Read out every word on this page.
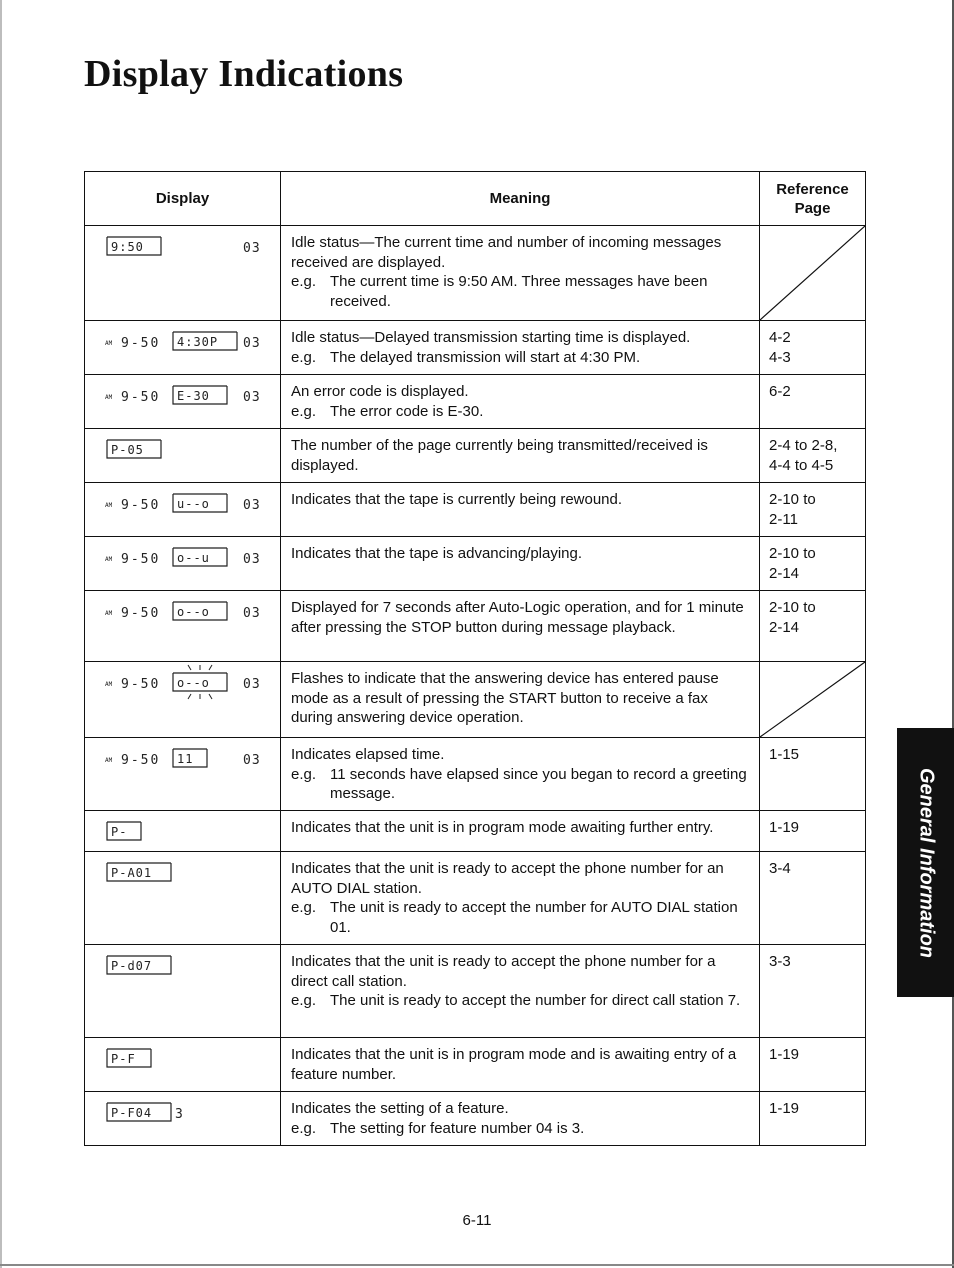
Display Indications
Display	Meaning	Reference Page

9:50 03	Idle status—The current time and number of incoming messages received are displayed.
e.g. The current time is 9:50 AM. Three messages have been received.

AM 9-50 4:30P 03	Idle status—Delayed transmission starting time is displayed.
e.g. The delayed transmission will start at 4:30 PM.	4-2
4-3

AM 9-50 E-30 03	An error code is displayed.
e.g. The error code is E-30.	6-2

P-05	The number of the page currently being transmitted/received is displayed.	2-4 to 2-8,
4-4 to 4-5

AM 9-50 u--o 03	Indicates that the tape is currently being rewound.	2-10 to
2-11

AM 9-50 o--u 03	Indicates that the tape is advancing/playing.	2-10 to
2-14

AM 9-50 o--o 03	Displayed for 7 seconds after Auto-Logic operation, and for 1 minute after pressing the STOP button during message playback.	2-10 to
2-14

AM 9-50 o--o 03	Flashes to indicate that the answering device has entered pause mode as a result of pressing the START button to receive a fax during answering device operation.

AM 9-50 11 03	Indicates elapsed time.
e.g. 11 seconds have elapsed since you began to record a greeting message.	1-15

P-	Indicates that the unit is in program mode awaiting further entry.	1-19

P-A01	Indicates that the unit is ready to accept the phone number for an AUTO DIAL station.
e.g. The unit is ready to accept the number for AUTO DIAL station 01.	3-4

P-d07	Indicates that the unit is ready to accept the phone number for a direct call station.
e.g. The unit is ready to accept the number for direct call station 7.	3-3

P-F	Indicates that the unit is in program mode and is awaiting entry of a feature number.	1-19

P-F04 3	Indicates the setting of a feature.
e.g. The setting for feature number 04 is 3.	1-19
General Information
6-11
